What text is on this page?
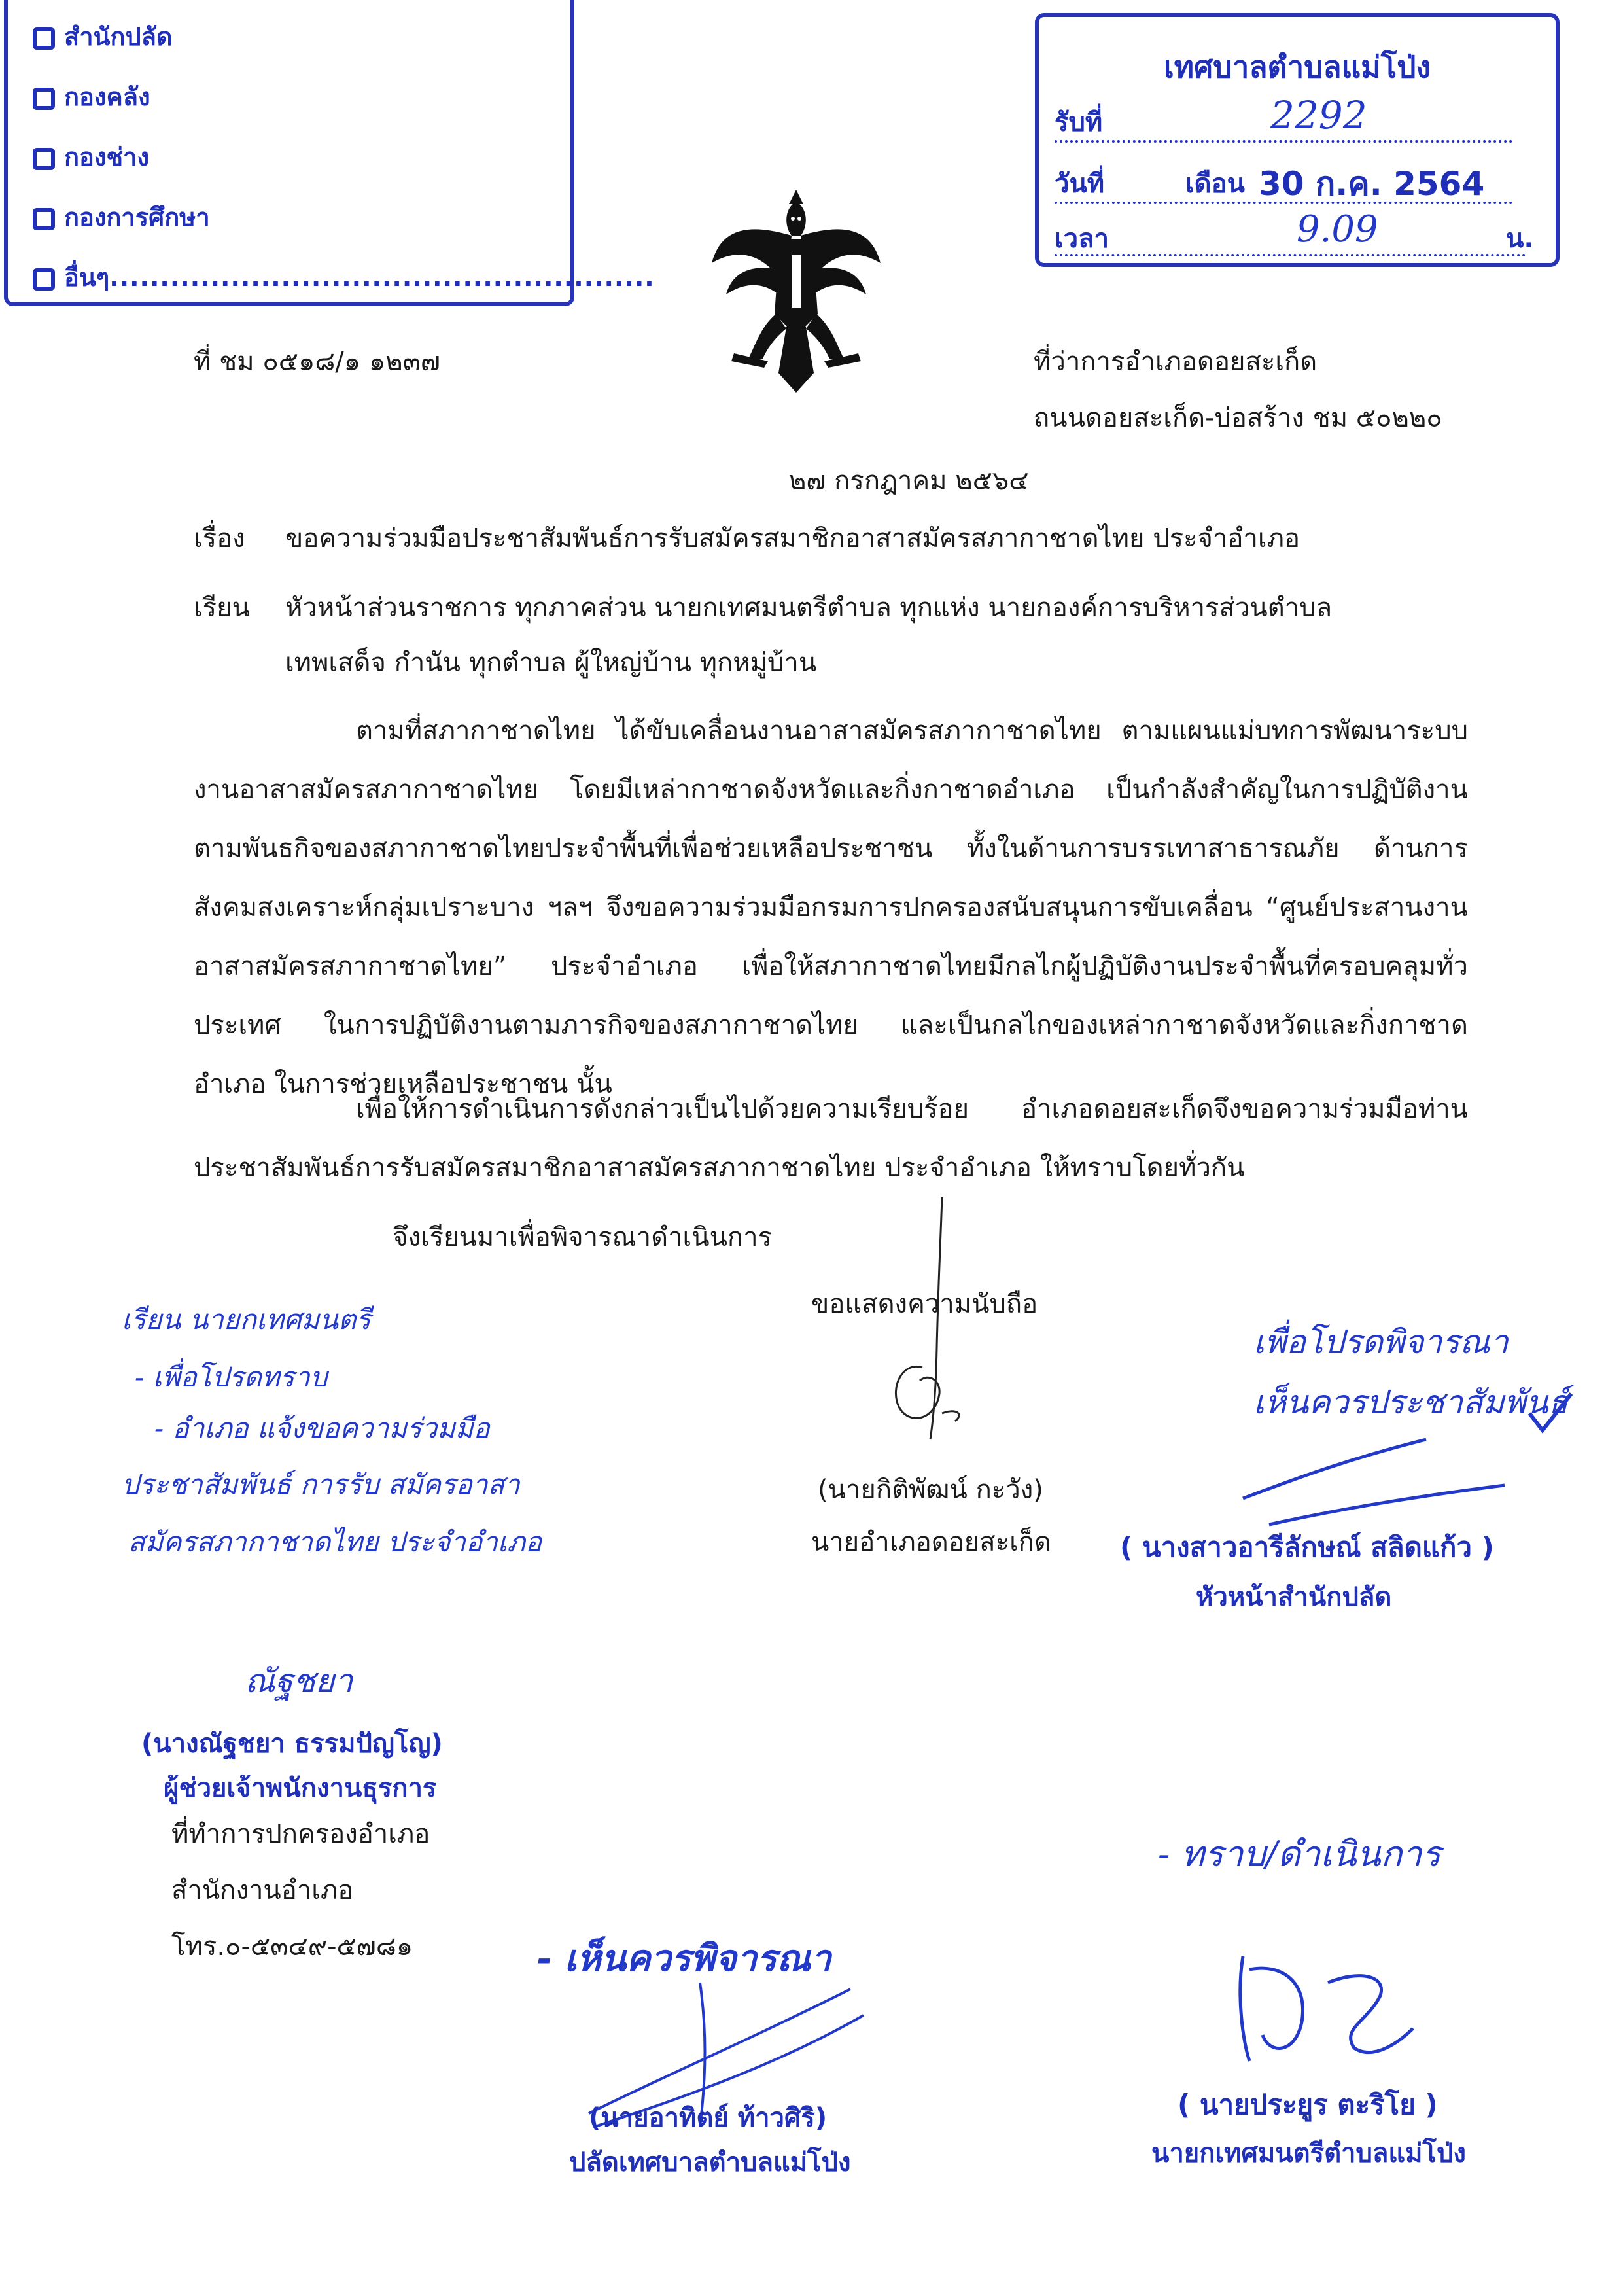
สำนักปลัด
กองคลัง
กองช่าง
กองการศึกษา
อื่นๆ......................................................
เทศบาลตำบลแม่โป่ง
รับที่	2292
วันที่	เดือน 30 ก.ค. 2564
เวลา	9.09	น.
ที่ ชม ๐๕๑๘/๑ ๑๒๓๗	ที่ว่าการอำเภอดอยสะเก็ด
ถนนดอยสะเก็ด-บ่อสร้าง ชม ๕๐๒๒๐
๒๗ กรกฎาคม ๒๕๖๔
เรื่อง ขอความร่วมมือประชาสัมพันธ์การรับสมัครสมาชิกอาสาสมัครสภากาชาดไทย ประจำอำเภอ
เรียน หัวหน้าส่วนราชการ ทุกภาคส่วน นายกเทศมนตรีตำบล ทุกแห่ง นายกองค์การบริหารส่วนตำบล
เทพเสด็จ กำนัน ทุกตำบล ผู้ใหญ่บ้าน ทุกหมู่บ้าน
ตามที่สภากาชาดไทย ได้ขับเคลื่อนงานอาสาสมัครสภากาชาดไทย ตามแผนแม่บทการพัฒนาระบบงานอาสาสมัครสภากาชาดไทย โดยมีเหล่ากาชาดจังหวัดและกิ่งกาชาดอำเภอ เป็นกำลังสำคัญในการปฏิบัติงานตามพันธกิจของสภากาชาดไทยประจำพื้นที่เพื่อช่วยเหลือประชาชน ทั้งในด้านการบรรเทาสาธารณภัย ด้านการสังคมสงเคราะห์กลุ่มเปราะบาง ฯลฯ จึงขอความร่วมมือกรมการปกครองสนับสนุนการขับเคลื่อน “ศูนย์ประสานงานอาสาสมัครสภากาชาดไทย” ประจำอำเภอ เพื่อให้สภากาชาดไทยมีกลไกผู้ปฏิบัติงานประจำพื้นที่ครอบคลุมทั่วประเทศ ในการปฏิบัติงานตามภารกิจของสภากาชาดไทย และเป็นกลไกของเหล่ากาชาดจังหวัดและกิ่งกาชาดอำเภอ ในการช่วยเหลือประชาชน นั้น
เพื่อให้การดำเนินการดังกล่าวเป็นไปด้วยความเรียบร้อย อำเภอดอยสะเก็ดจึงขอความร่วมมือท่านประชาสัมพันธ์การรับสมัครสมาชิกอาสาสมัครสภากาชาดไทย ประจำอำเภอ ให้ทราบโดยทั่วกัน
จึงเรียนมาเพื่อพิจารณาดำเนินการ
ขอแสดงความนับถือ
(นายกิติพัฒน์ กะวัง)
นายอำเภอดอยสะเก็ด
ที่ทำการปกครองอำเภอ
สำนักงานอำเภอ
โทร.๐-๕๓๔๙-๕๗๘๑
เรียน นายกเทศมนตรี
- เพื่อโปรดทราบ
- อำเภอ แจ้งขอความร่วมมือ
ประชาสัมพันธ์ การรับ สมัครอาสา
สมัครสภากาชาดไทย ประจำอำเภอ
ณัฐชยา
(นางณัฐชยา ธรรมปัญโญ)
ผู้ช่วยเจ้าพนักงานธุรการ
เพื่อโปรดพิจารณา
เห็นควรประชาสัมพันธ์
( นางสาวอารีลักษณ์ สลิดแก้ว )
หัวหน้าสำนักปลัด
- เห็นควรพิจารณา
(นายอาทิตย์ ท้าวศิริ)
ปลัดเทศบาลตำบลแม่โป่ง
- ทราบ/ดำเนินการ
( นายประยูร ตะริโย )
นายกเทศมนตรีตำบลแม่โป่ง
